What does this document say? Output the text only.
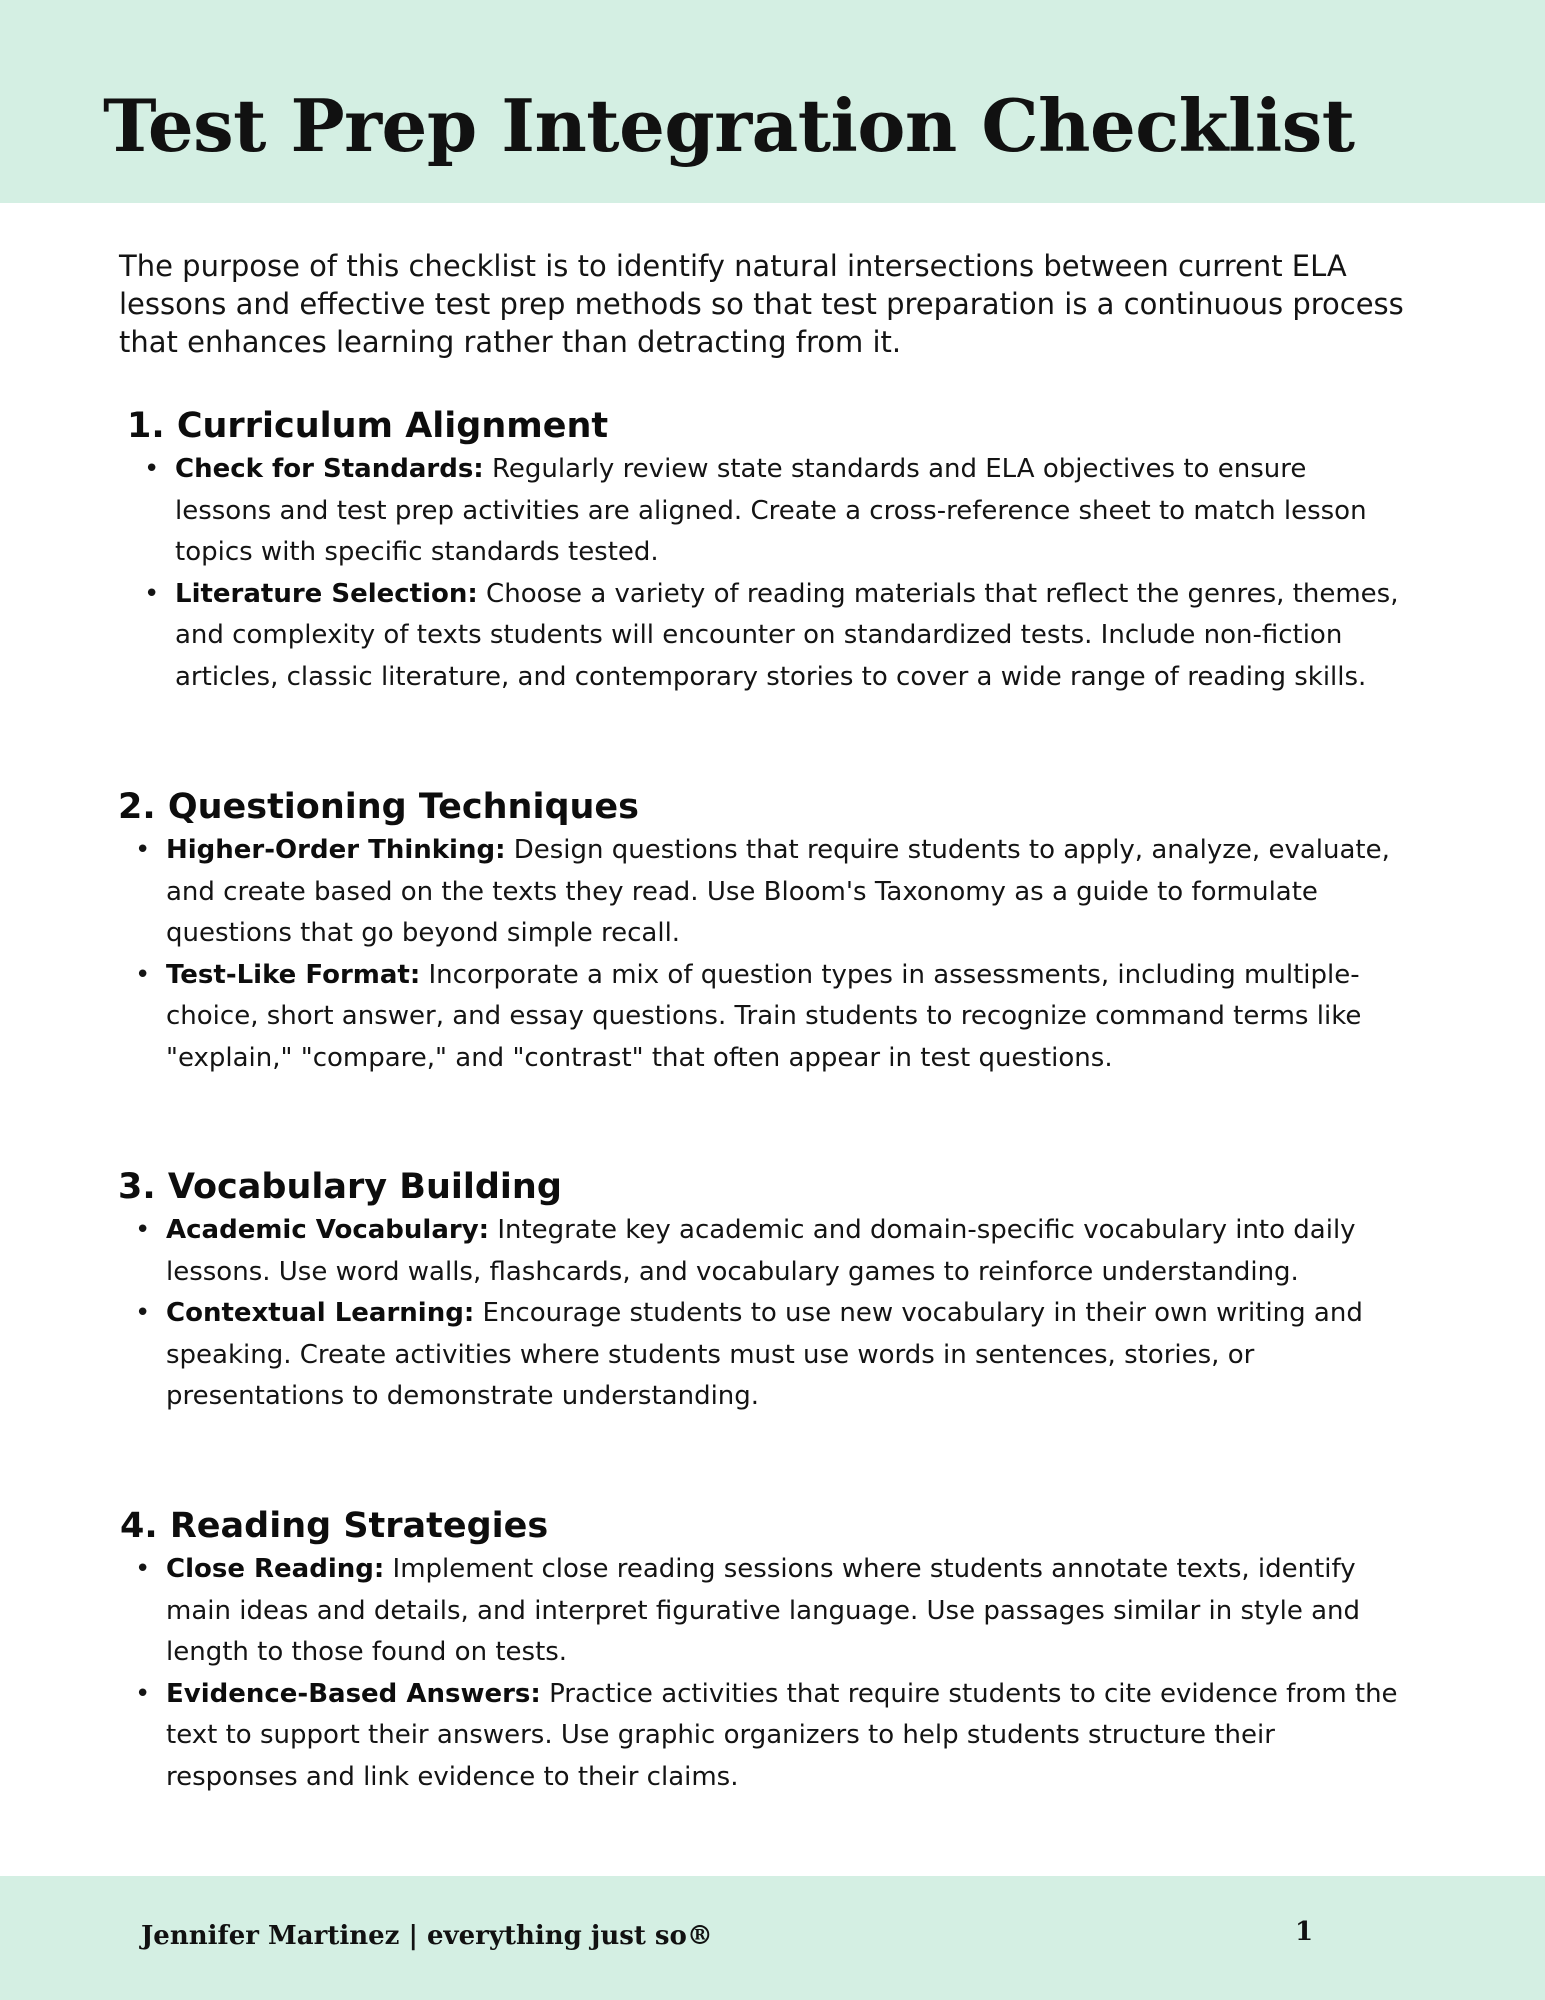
Test Prep Integration Checklist

The purpose of this checklist is to identify natural intersections between current ELA lessons and effective test prep methods so that test preparation is a continuous process that enhances learning rather than detracting from it.

1. Curriculum Alignment
• Check for Standards: Regularly review state standards and ELA objectives to ensure lessons and test prep activities are aligned. Create a cross-reference sheet to match lesson topics with specific standards tested.
• Literature Selection: Choose a variety of reading materials that reflect the genres, themes, and complexity of texts students will encounter on standardized tests. Include non-fiction articles, classic literature, and contemporary stories to cover a wide range of reading skills.
2. Questioning Techniques
• Higher-Order Thinking: Design questions that require students to apply, analyze, evaluate, and create based on the texts they read. Use Bloom's Taxonomy as a guide to formulate questions that go beyond simple recall.
• Test-Like Format: Incorporate a mix of question types in assessments, including multiple-choice, short answer, and essay questions. Train students to recognize command terms like "explain," "compare," and "contrast" that often appear in test questions.
3. Vocabulary Building
• Academic Vocabulary: Integrate key academic and domain-specific vocabulary into daily lessons. Use word walls, flashcards, and vocabulary games to reinforce understanding.
• Contextual Learning: Encourage students to use new vocabulary in their own writing and speaking. Create activities where students must use words in sentences, stories, or presentations to demonstrate understanding.
4. Reading Strategies
• Close Reading: Implement close reading sessions where students annotate texts, identify main ideas and details, and interpret figurative language. Use passages similar in style and length to those found on tests.
• Evidence-Based Answers: Practice activities that require students to cite evidence from the text to support their answers. Use graphic organizers to help students structure their responses and link evidence to their claims.

Jennifer Martinez | everything just so®	1
